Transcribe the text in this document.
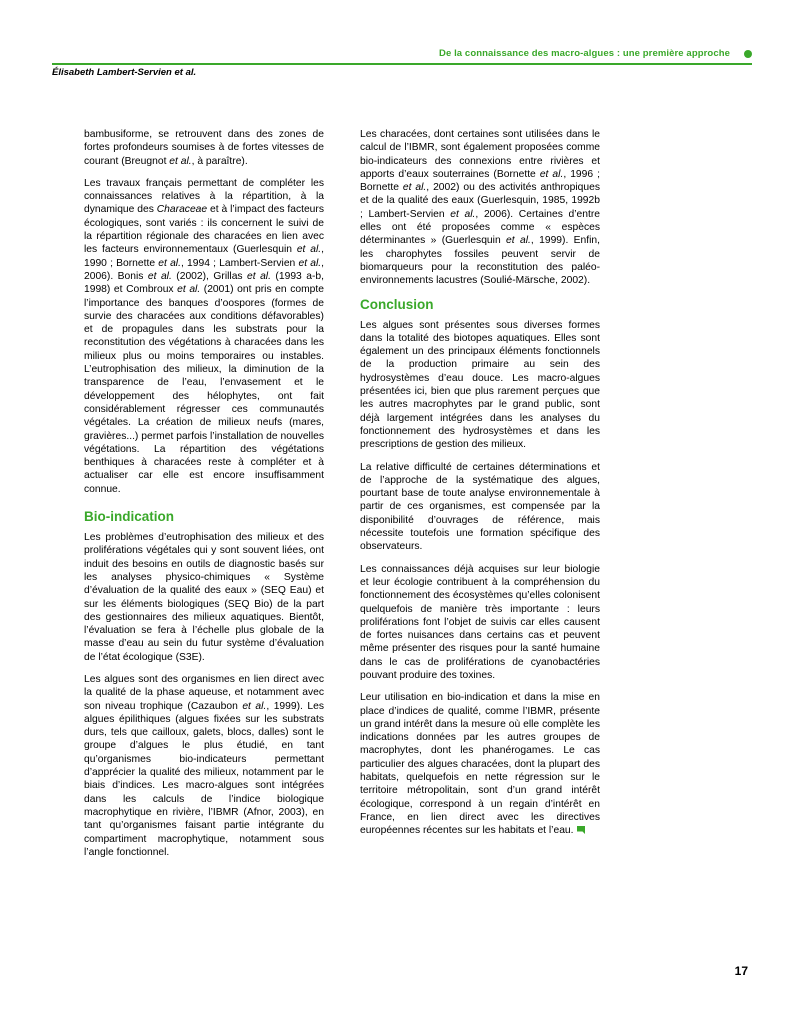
De la connaissance des macro-algues : une première approche
Élisabeth Lambert-Servien et al.

bambusiforme, se retrouvent dans des zones de fortes profondeurs soumises à de fortes vitesses de courant (Breugnot et al., à paraître).

Les travaux français permettant de compléter les connaissances relatives à la répartition, à la dynamique des Characeae et à l’impact des facteurs écologiques, sont variés : ils concernent le suivi de la répartition régionale des characées en lien avec les facteurs environnementaux (Guerlesquin et al., 1990 ; Bornette et al., 1994 ; Lambert-Servien et al., 2006). Bonis et al. (2002), Grillas et al. (1993 a-b, 1998) et Combroux et al. (2001) ont pris en compte l’importance des banques d’oospores (formes de survie des characées aux conditions défavorables) et de propagules dans les substrats pour la reconstitution des végétations à characées dans les milieux plus ou moins temporaires ou instables. L’eutrophisation des milieux, la diminution de la transparence de l’eau, l’envasement et le développement des hélophytes, ont fait considérablement régresser ces communautés végétales. La création de milieux neufs (mares, gravières...) permet parfois l’installation de nouvelles végétations. La répartition des végétations benthiques à characées reste à compléter et à actualiser car elle est encore insuffisamment connue.

Bio-indication

Les problèmes d’eutrophisation des milieux et des proliférations végétales qui y sont souvent liées, ont induit des besoins en outils de diagnostic basés sur les analyses physico-chimiques « Système d’évaluation de la qualité des eaux » (SEQ Eau) et sur les éléments biologiques (SEQ Bio) de la part des gestionnaires des milieux aquatiques. Bientôt, l’évaluation se fera à l’échelle plus globale de la masse d’eau au sein du futur système d’évaluation de l’état écologique (S3E).

Les algues sont des organismes en lien direct avec la qualité de la phase aqueuse, et notamment avec son niveau trophique (Cazaubon et al., 1999). Les algues épilithiques (algues fixées sur les substrats durs, tels que cailloux, galets, blocs, dalles) sont le groupe d’algues le plus étudié, en tant qu’organismes bio-indicateurs permettant d’apprécier la qualité des milieux, notamment par le biais d’indices. Les macro-algues sont intégrées dans les calculs de l’indice biologique macrophytique en rivière, l’IBMR (Afnor, 2003), en tant qu’organismes faisant partie intégrante du compartiment macrophytique, notamment sous l’angle fonctionnel.

Les characées, dont certaines sont utilisées dans le calcul de l’IBMR, sont également proposées comme bio-indicateurs des connexions entre rivières et apports d’eaux souterraines (Bornette et al., 1996 ; Bornette et al., 2002) ou des activités anthropiques et de la qualité des eaux (Guerlesquin, 1985, 1992b ; Lambert-Servien et al., 2006). Certaines d’entre elles ont été proposées comme « espèces déterminantes » (Guerlesquin et al., 1999). Enfin, les charophytes fossiles peuvent servir de biomarqueurs pour la reconstitution des paléo-environnements lacustres (Soulié-Märsche, 2002).

Conclusion

Les algues sont présentes sous diverses formes dans la totalité des biotopes aquatiques. Elles sont également un des principaux éléments fonctionnels de la production primaire au sein des hydrosystèmes d’eau douce. Les macro-algues présentées ici, bien que plus rarement perçues que les autres macrophytes par le grand public, sont déjà largement intégrées dans les analyses du fonctionnement des hydrosystèmes et dans les prescriptions de gestion des milieux.

La relative difficulté de certaines déterminations et de l’approche de la systématique des algues, pourtant base de toute analyse environnementale à partir de ces organismes, est compensée par la disponibilité d’ouvrages de référence, mais nécessite toutefois une formation spécifique des observateurs.

Les connaissances déjà acquises sur leur biologie et leur écologie contribuent à la compréhension du fonctionnement des écosystèmes qu’elles colonisent quelquefois de manière très importante : leurs proliférations font l’objet de suivis car elles causent de fortes nuisances dans certains cas et peuvent même présenter des risques pour la santé humaine dans le cas de proliférations de cyanobactéries pouvant produire des toxines.

Leur utilisation en bio-indication et dans la mise en place d’indices de qualité, comme l’IBMR, présente un grand intérêt dans la mesure où elle complète les indications données par les autres groupes de macrophytes, dont les phanérogames. Le cas particulier des algues characées, dont la plupart des habitats, quelquefois en nette régression sur le territoire métropolitain, sont d’un grand intérêt écologique, correspond à un regain d’intérêt en France, en lien direct avec les directives européennes récentes sur les habitats et l’eau.

17
